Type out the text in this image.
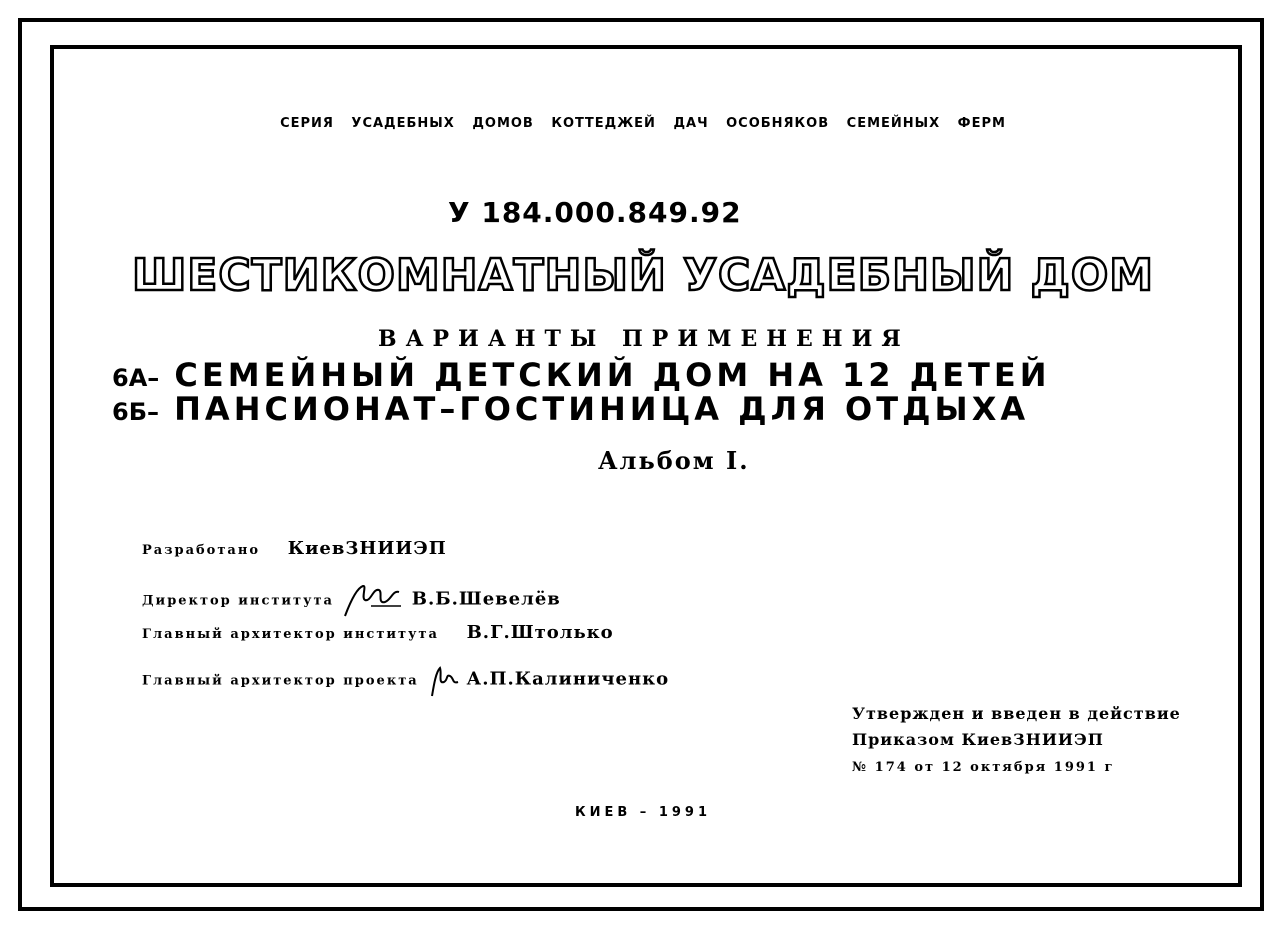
СЕРИЯ УСАДЕБНЫХ ДОМОВ КОТТЕДЖЕЙ ДАЧ ОСОБНЯКОВ СЕМЕЙНЫХ ФЕРМ
У 184.000.849.92
ШЕСТИКОМНАТНЫЙ УСАДЕБНЫЙ ДОМ
ВАРИАНТЫ ПРИМЕНЕНИЯ
6А– СЕМЕЙНЫЙ ДЕТСКИЙ ДОМ НА 12 ДЕТЕЙ
6Б– ПАНСИОНАТ–ГОСТИНИЦА ДЛЯ ОТДЫХА
Альбом I.
Разработано КиевЗНИИЭП
Директор института	В.Б.Шевелёв
Главный архитектор института В.Г.Штолько
Главный архитектор проекта	А.П.Калиниченко
Утвержден и введен в действие
Приказом КиевЗНИИЭП
№ 174 от 12 октября 1991 г
КИЕВ – 1991
